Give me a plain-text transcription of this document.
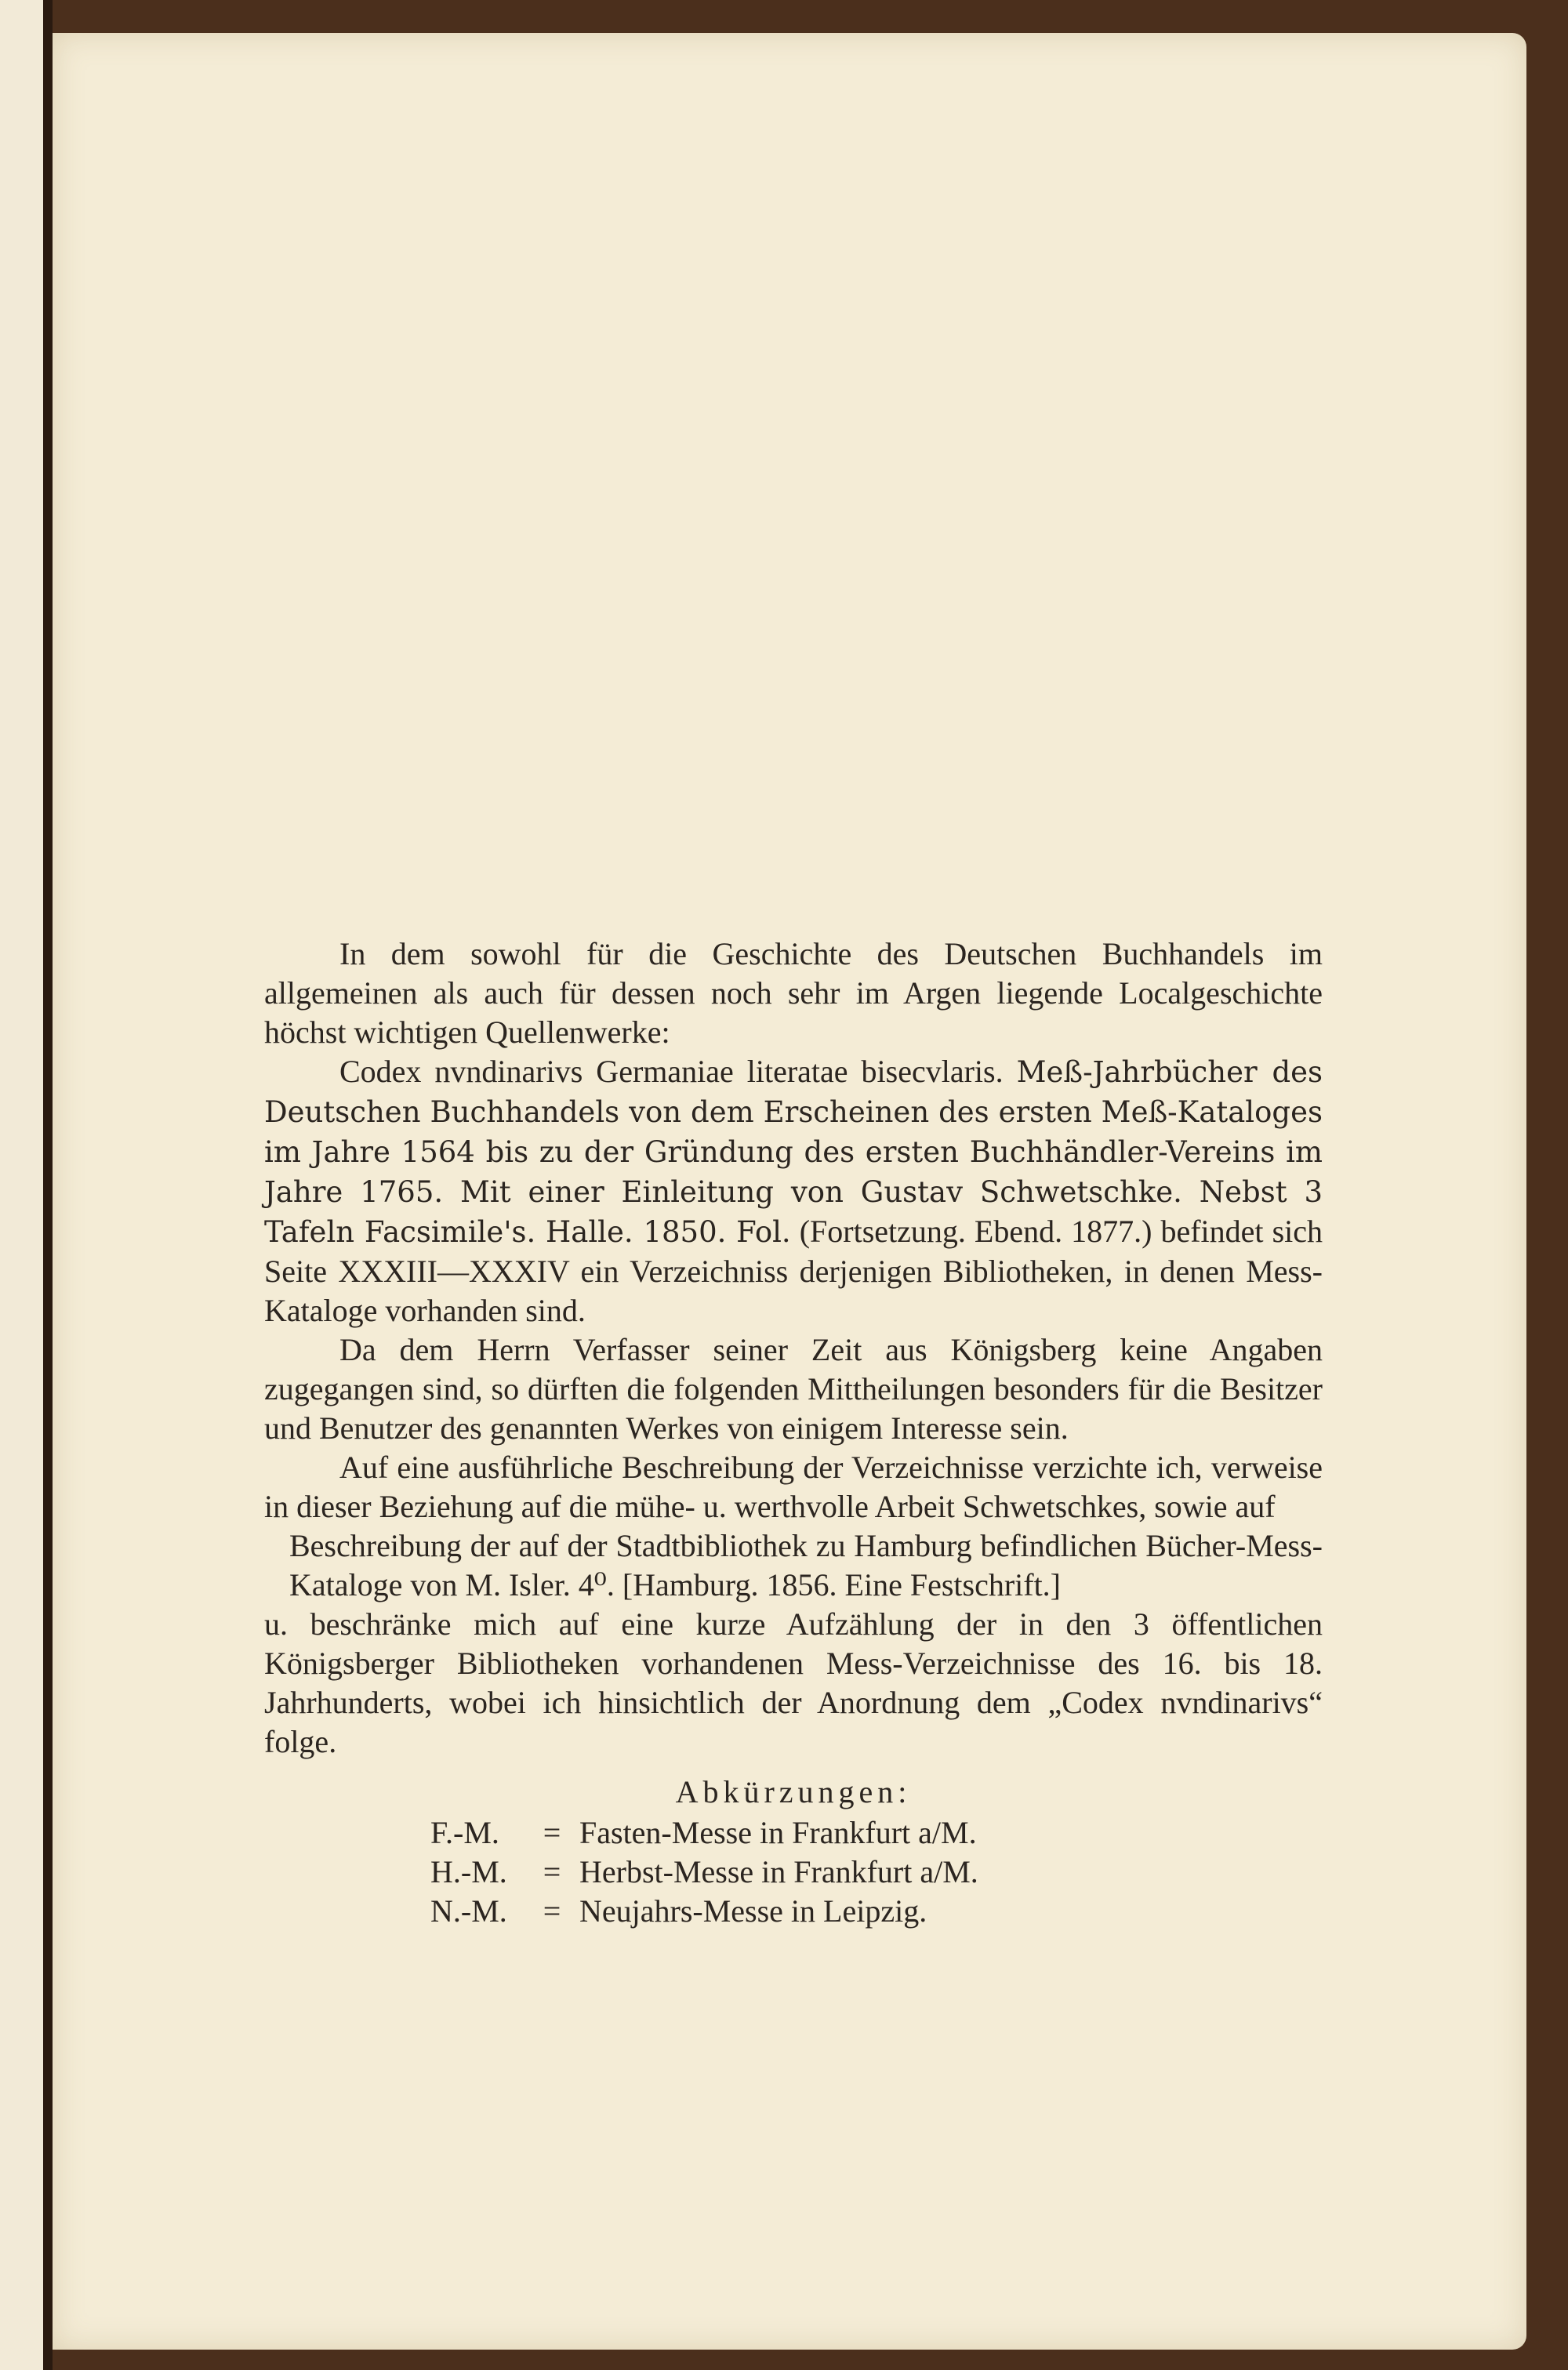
In dem sowohl für die Geschichte des Deutschen Buchhandels im allgemeinen als auch für dessen noch sehr im Argen liegende Localgeschichte höchst wichtigen Quellenwerke:

Codex nvndinarivs Germaniae literatae bisecvlaris. Meß-Jahrbücher des Deutschen Buchhandels von dem Erscheinen des ersten Meß-Kataloges im Jahre 1564 bis zu der Gründung des ersten Buchhändler-Vereins im Jahre 1765. Mit einer Einleitung von Gustav Schwetschke. Nebst 3 Tafeln Facsimile's. Halle. 1850. Fol. (Fortsetzung. Ebend. 1877.) befindet sich Seite XXXIII—XXXIV ein Verzeichniss derjenigen Bibliotheken, in denen Mess-Kataloge vorhanden sind.

Da dem Herrn Verfasser seiner Zeit aus Königsberg keine Angaben zugegangen sind, so dürften die folgenden Mittheilungen besonders für die Besitzer und Benutzer des genannten Werkes von einigem Interesse sein.

Auf eine ausführliche Beschreibung der Verzeichnisse verzichte ich, verweise in dieser Beziehung auf die mühe- u. werthvolle Arbeit Schwetschkes, sowie auf

Beschreibung der auf der Stadtbibliothek zu Hamburg befindlichen Bücher-Mess-Kataloge von M. Isler. 4⁰. [Hamburg. 1856. Eine Festschrift.]

u. beschränke mich auf eine kurze Aufzählung der in den 3 öffentlichen Königsberger Bibliotheken vorhandenen Mess-Verzeichnisse des 16. bis 18. Jahrhunderts, wobei ich hinsichtlich der Anordnung dem „Codex nvndinarivs“ folge.

Abkürzungen:

F.-M.	= Fasten-Messe in Frankfurt a/M.
H.-M.	= Herbst-Messe in Frankfurt a/M.
N.-M.	= Neujahrs-Messe in Leipzig.
